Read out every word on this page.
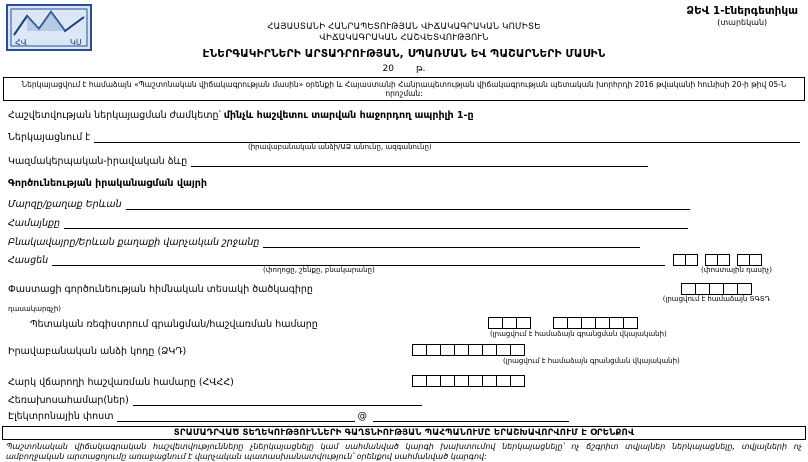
ՀՎ	ԿՍ
ՁԵՎ 1-էներգետիկա
(տարեկան)
ՀԱՅԱՍՏԱՆԻ ՀԱՆՐԱՊԵՏՈՒԹՅԱՆ ՎԻՃԱԿԱԳՐԱԿԱՆ ԿՈՄԻՏԵ
ՎԻՃԱԿԱԳՐԱԿԱՆ ՀԱՇՎԵՏՎՈՒԹՅՈՒՆ
ԷՆԵՐԳԱԿԻՐՆԵՐԻ ԱՐՏԱԴՐՈՒԹՅԱՆ, ՍՊԱՌՄԱՆ ԵՎ ՊԱՇԱՐՆԵՐԻ ՄԱՍԻՆ
20 թ.
Ներկայացվում է համաձայն «Պաշտոնական վիճակագրության մասին» օրենքի և Հայաստանի Հանրապետության վիճակագրության պետական խորհրդի 2016 թվականի հունիսի 20-ի թիվ 05-Ն որոշման:
Հաշվետվության ներկայացման ժամկետը՝ մինչև հաշվետու տարվան հաջորդող ապրիլի 1-ը
Ներկայացնում է
(իրավաբանական անձի/ԱՁ անունը, ազգանունը)
Կազմակերպական-իրավական ձևը
Գործունեության իրականացման վայրի
Մարզը/քաղաք Երևան
Համայնքը
Բնակավայրը/Երևան քաղաքի վարչական շրջանը
Հասցեն
(փողոցը, շենքը, բնակարանը)	(փոստային դասիչ)
Փաստացի գործունեության հիմնական տեսակի ծածկագիրը
(լրացվում է համաձայն ՏԳՏԴ
դասակարգչի)
Պետական ռեգիստրում գրանցման/հաշվառման համարը
(լրացվում է համաձայն գրանցման վկայականի)
Իրավաբանական անձի կոդը (ՁԿԴ)
(լրացվում է համաձայն գրանցման վկայականի)
Հարկ վճարողի հաշվառման համարը (ՀՎՀՀ)
Հեռախոսահամար(ներ)
Էլեկտրոնային փոստ	@
ՏՐԱՄԱԴՐՎԱԾ ՏԵՂԵԿՈՒԹՅՈՒՆՆԵՐԻ ԳԱՂՏՆԻՈՒԹՅԱՆ ՊԱՀՊԱՆՈՒՄԸ ԵՐԱՇԽԱՎՈՐՎՈՒՄ Է ՕՐԵՆՔՈՎ
Պաշտոնական վիճակագրական հաշվետվությունները չներկայացնելը կամ սահմանված կարգի խախտումով ներկայացնելը՝ ոչ ճշգրիտ տվյալներ ներկայացնելը, տվյալների ոչ ամբողջական արտացոլումը առաջացնում է վարչական պատասխանատվություն՝ օրենքով սահմանված կարգով:
